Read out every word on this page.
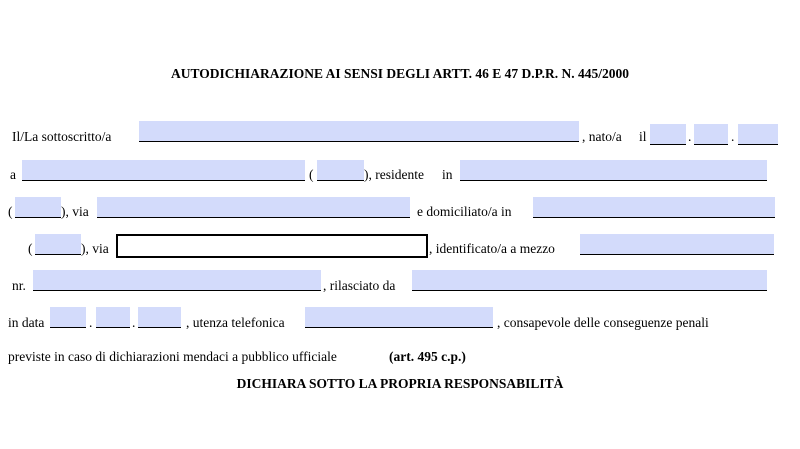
AUTODICHIARAZIONE AI SENSI DEGLI ARTT. 46 E 47 D.P.R. N. 445/2000
Il/La sottoscritto/a	, nato/a il	.	.
a	(	), residente in
(	), via	e domiciliato/a in
(	), via	, identificato/a a mezzo
nr.	, rilasciato da
in data	.	.	, utenza telefonica	, consapevole delle conseguenze penali
previste in caso di dichiarazioni mendaci a pubblico ufficiale	(art. 495 c.p.)
DICHIARA SOTTO LA PROPRIA RESPONSABILITÀ
